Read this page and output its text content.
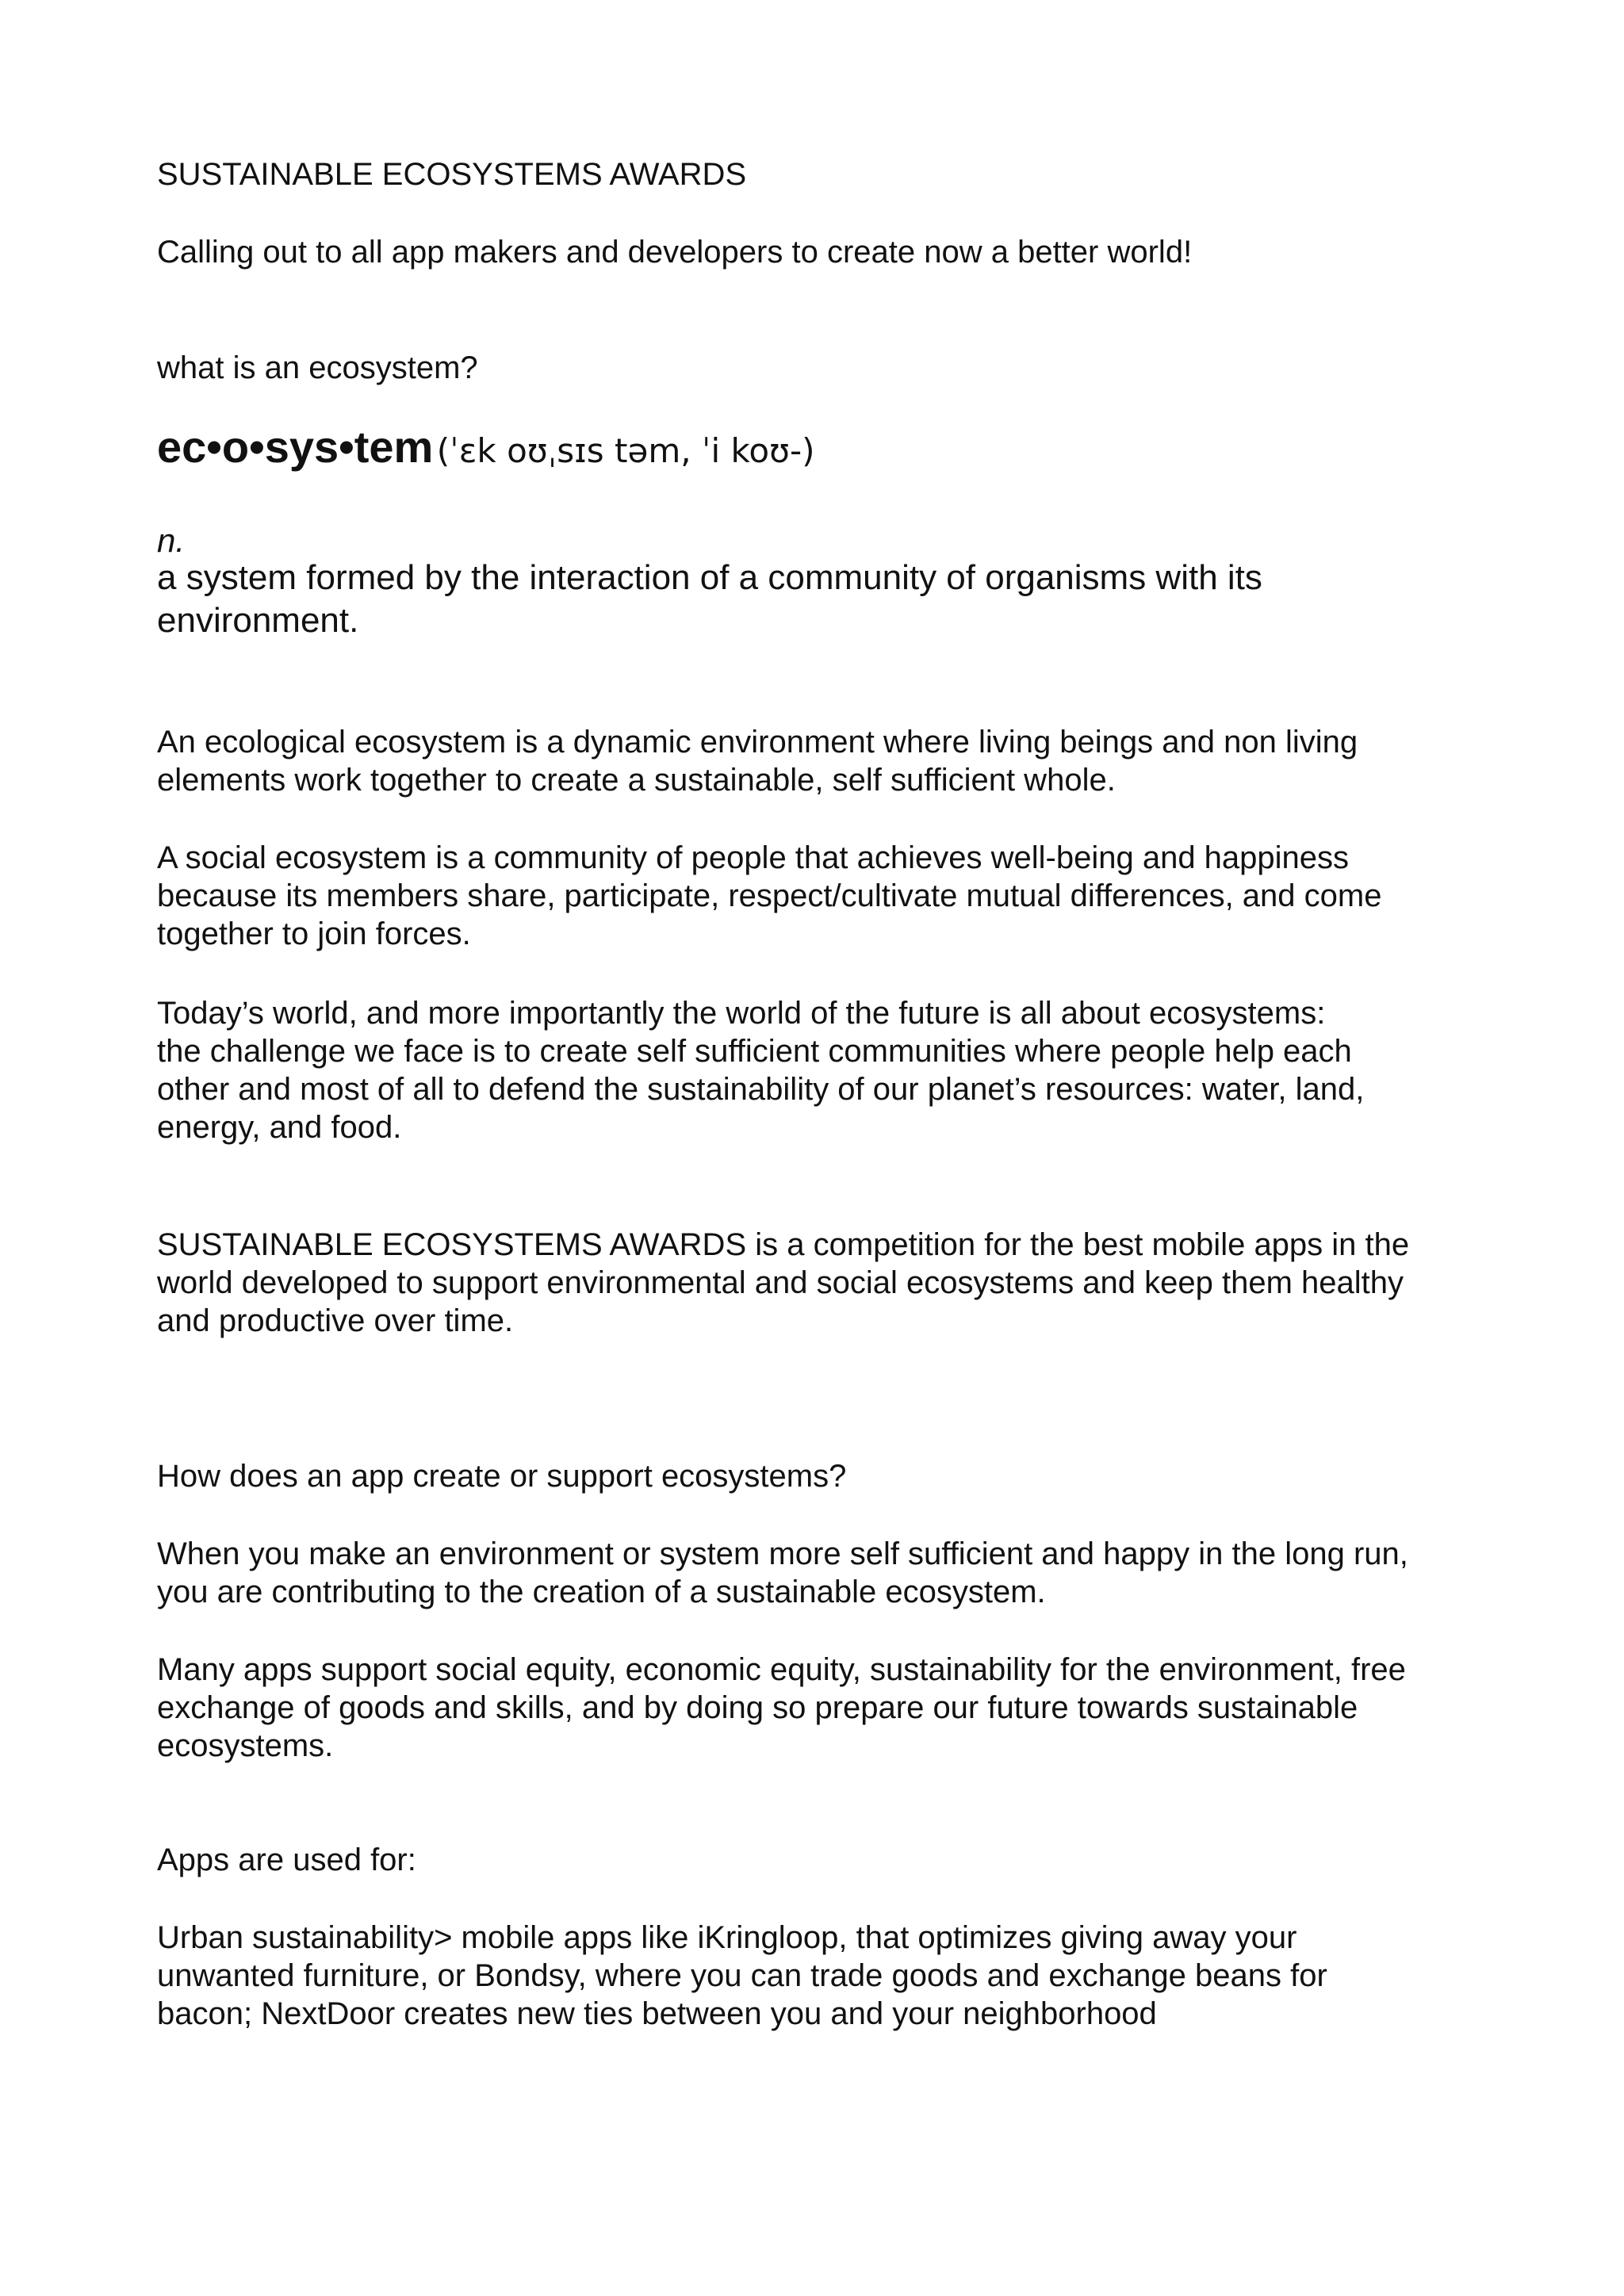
SUSTAINABLE ECOSYSTEMS AWARDS

Calling out to all app makers and developers to create now a better world!

what is an ecosystem?

ec•o•sys•tem (ˈɛk oʊˌsɪs təm, ˈi koʊ-)

n.

a system formed by the interaction of a community of organisms with its
environment.

An ecological ecosystem is a dynamic environment where living beings and non living
elements work together to create a sustainable, self sufficient whole.

A social ecosystem is a community of people that achieves well-being and happiness
because its members share, participate, respect/cultivate mutual differences, and come
together to join forces.

Today’s world, and more importantly the world of the future is all about ecosystems:
the challenge we face is to create self sufficient communities where people help each
other and most of all to defend the sustainability of our planet’s resources: water, land,
energy, and food.

SUSTAINABLE ECOSYSTEMS AWARDS is a competition for the best mobile apps in the
world developed to support environmental and social ecosystems and keep them healthy
and productive over time.

How does an app create or support ecosystems?

When you make an environment or system more self sufficient and happy in the long run,
you are contributing to the creation of a sustainable ecosystem.

Many apps support social equity, economic equity, sustainability for the environment, free
exchange of goods and skills, and by doing so prepare our future towards sustainable
ecosystems.

Apps are used for:

Urban sustainability> mobile apps like iKringloop, that optimizes giving away your
unwanted furniture, or Bondsy, where you can trade goods and exchange beans for
bacon; NextDoor creates new ties between you and your neighborhood
